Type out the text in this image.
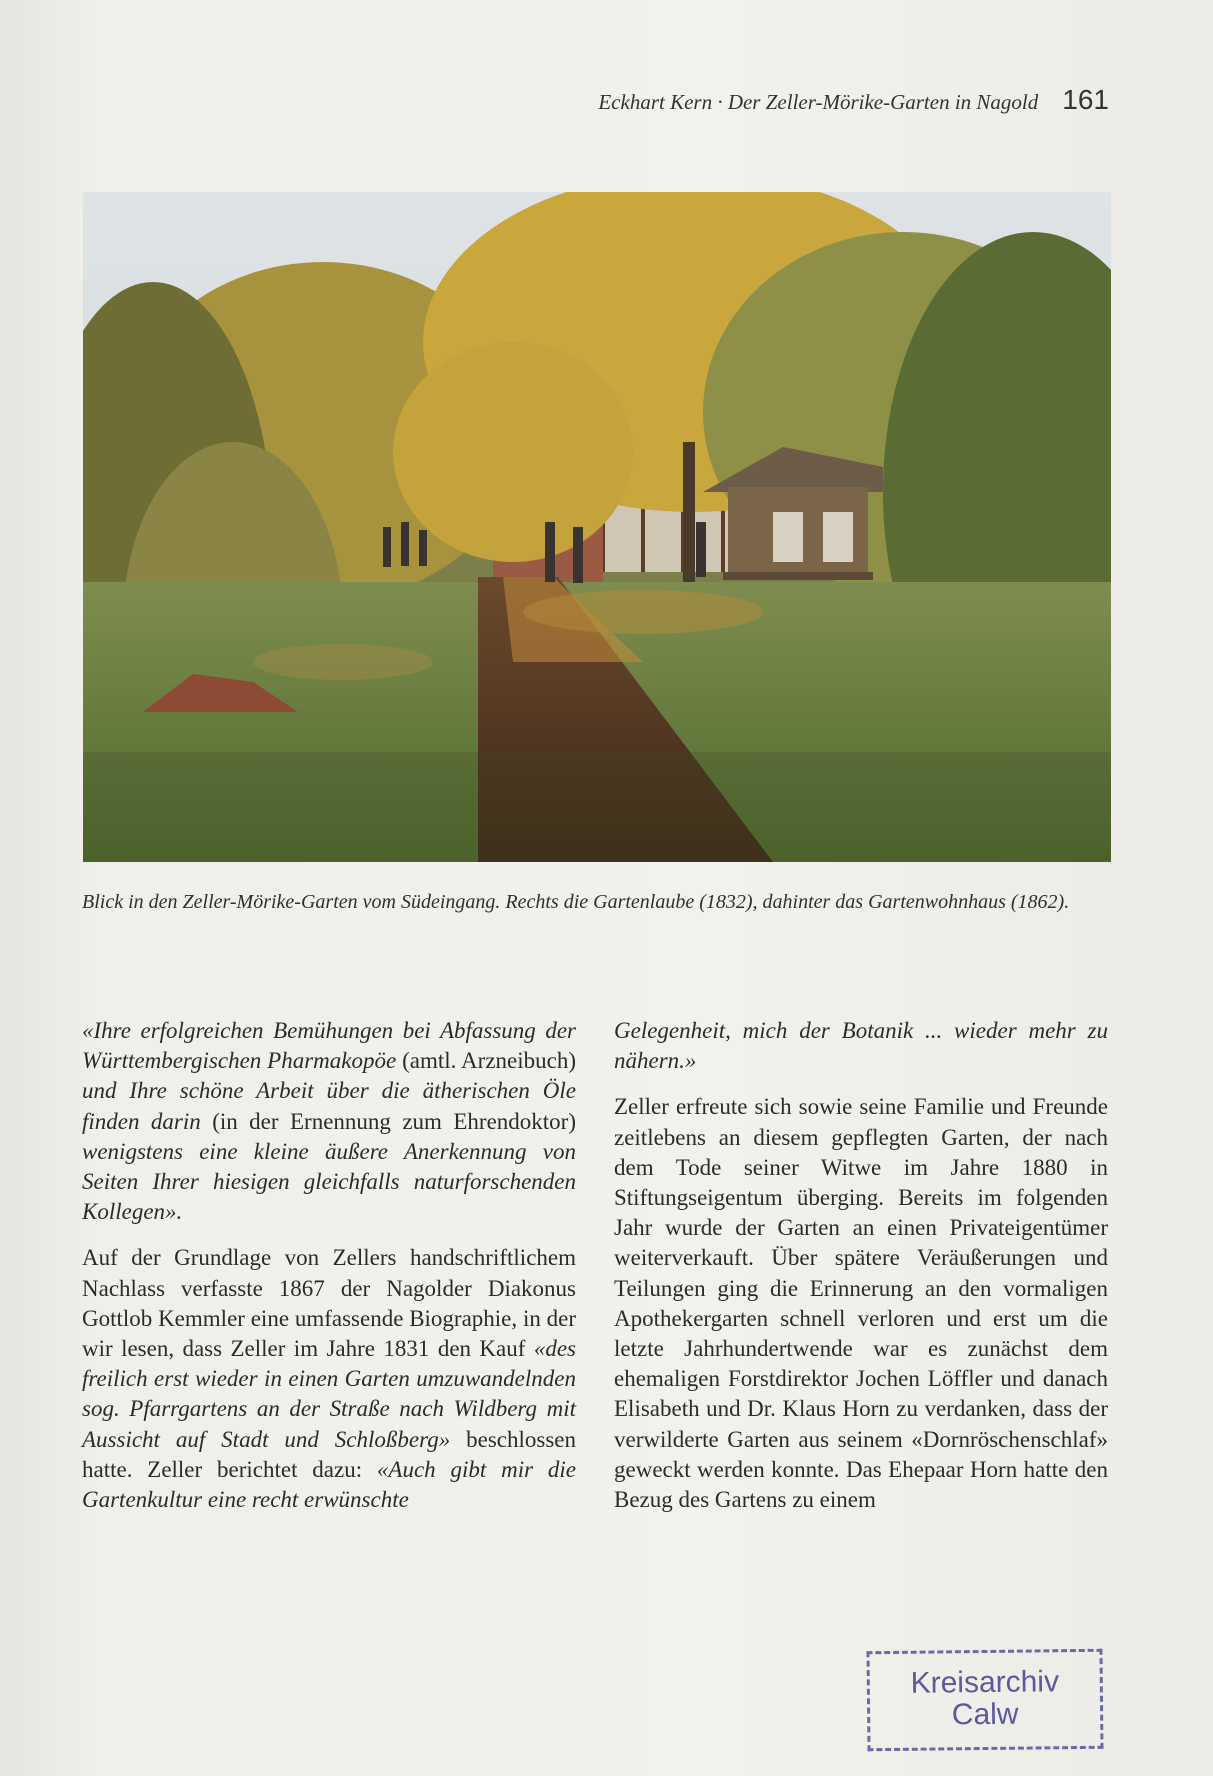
Eckhart Kern · Der Zeller-Mörike-Garten in Nagold 161
Blick in den Zeller-Mörike-Garten vom Südeingang. Rechts die Gartenlaube (1832), dahinter das Gartenwohnhaus (1862).

«Ihre erfolgreichen Bemühungen bei Abfassung der Württembergischen Pharmakopöe (amtl. Arzneibuch) und Ihre schöne Arbeit über die ätherischen Öle finden darin (in der Ernennung zum Ehrendoktor) wenigstens eine kleine äußere Anerkennung von Seiten Ihrer hiesigen gleichfalls naturforschenden Kollegen».

Auf der Grundlage von Zellers handschriftlichem Nachlass verfasste 1867 der Nagolder Diakonus Gottlob Kemmler eine umfassende Biographie, in der wir lesen, dass Zeller im Jahre 1831 den Kauf «des freilich erst wieder in einen Garten umzuwandelnden sog. Pfarrgartens an der Straße nach Wildberg mit Aussicht auf Stadt und Schloßberg» beschlossen hatte. Zeller berichtet dazu: «Auch gibt mir die Gartenkultur eine recht erwünschte

Gelegenheit, mich der Botanik ... wieder mehr zu nähern.»

Zeller erfreute sich sowie seine Familie und Freunde zeitlebens an diesem gepflegten Garten, der nach dem Tode seiner Witwe im Jahre 1880 in Stiftungseigentum überging. Bereits im folgenden Jahr wurde der Garten an einen Privateigentümer weiterverkauft. Über spätere Veräußerungen und Teilungen ging die Erinnerung an den vormaligen Apothekergarten schnell verloren und erst um die letzte Jahrhundertwende war es zunächst dem ehemaligen Forstdirektor Jochen Löffler und danach Elisabeth und Dr. Klaus Horn zu verdanken, dass der verwilderte Garten aus seinem «Dornröschenschlaf» geweckt werden konnte. Das Ehepaar Horn hatte den Bezug des Gartens zu einem

Kreisarchiv
Calw
